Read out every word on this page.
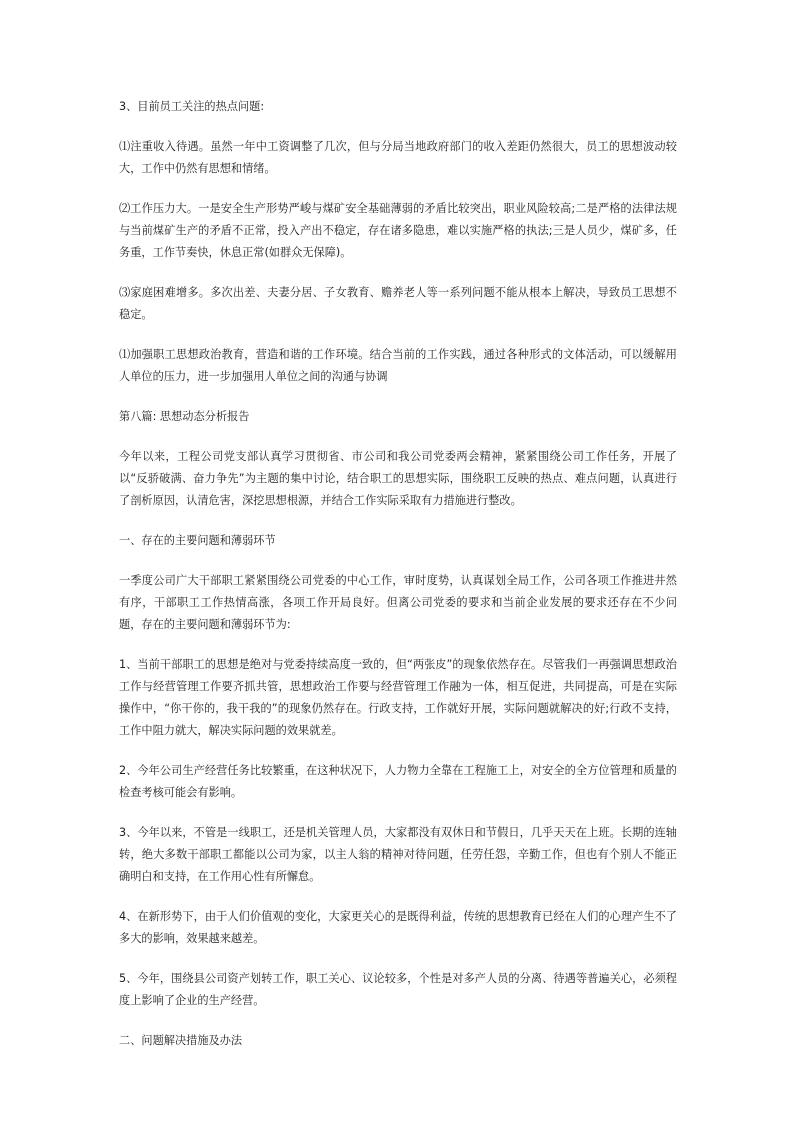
3、目前员工关注的热点问题:

⑴注重收入待遇。虽然一年中工资调整了几次，但与分局当地政府部门的收入差距仍然很大，员工的思想波动较大，工作中仍然有思想和情绪。

⑵工作压力大。一是安全生产形势严峻与煤矿安全基础薄弱的矛盾比较突出，职业风险较高;二是严格的法律法规与当前煤矿生产的矛盾不正常，投入产出不稳定，存在诸多隐患，难以实施严格的执法;三是人员少，煤矿多，任务重，工作节奏快，休息正常(如群众无保障)。

⑶家庭困难增多。多次出差、夫妻分居、子女教育、赡养老人等一系列问题不能从根本上解决，导致员工思想不稳定。

⑴加强职工思想政治教育，营造和谐的工作环境。结合当前的工作实践，通过各种形式的文体活动，可以缓解用人单位的压力，进一步加强用人单位之间的沟通与协调

第八篇: 思想动态分析报告

今年以来，工程公司党支部认真学习贯彻省、市公司和我公司党委两会精神，紧紧围绕公司工作任务，开展了以“反骄破满、奋力争先”为主题的集中讨论，结合职工的思想实际，围绕职工反映的热点、难点问题，认真进行了剖析原因，认清危害，深挖思想根源，并结合工作实际采取有力措施进行整改。

一、存在的主要问题和薄弱环节

一季度公司广大干部职工紧紧围绕公司党委的中心工作，审时度势，认真谋划全局工作，公司各项工作推进井然有序，干部职工工作热情高涨，各项工作开局良好。但离公司党委的要求和当前企业发展的要求还存在不少问题，存在的主要问题和薄弱环节为:

1、当前干部职工的思想是绝对与党委持续高度一致的，但“两张皮”的现象依然存在。尽管我们一再强调思想政治工作与经营管理工作要齐抓共管，思想政治工作要与经营管理工作融为一体，相互促进，共同提高，可是在实际操作中，“你干你的，我干我的”的现象仍然存在。行政支持，工作就好开展，实际问题就解决的好;行政不支持，工作中阻力就大，解决实际问题的效果就差。

2、今年公司生产经营任务比较繁重，在这种状况下，人力物力全靠在工程施工上，对安全的全方位管理和质量的检查考核可能会有影响。

3、今年以来，不管是一线职工，还是机关管理人员，大家都没有双休日和节假日，几乎天天在上班。长期的连轴转，绝大多数干部职工都能以公司为家，以主人翁的精神对待问题，任劳任怨，辛勤工作，但也有个别人不能正确明白和支持，在工作用心性有所懈怠。

4、在新形势下，由于人们价值观的变化，大家更关心的是既得利益，传统的思想教育已经在人们的心理产生不了多大的影响，效果越来越差。

5、今年，围绕县公司资产划转工作，职工关心、议论较多，个性是对多产人员的分离、待遇等普遍关心，必须程度上影响了企业的生产经营。

二、问题解决措施及办法
